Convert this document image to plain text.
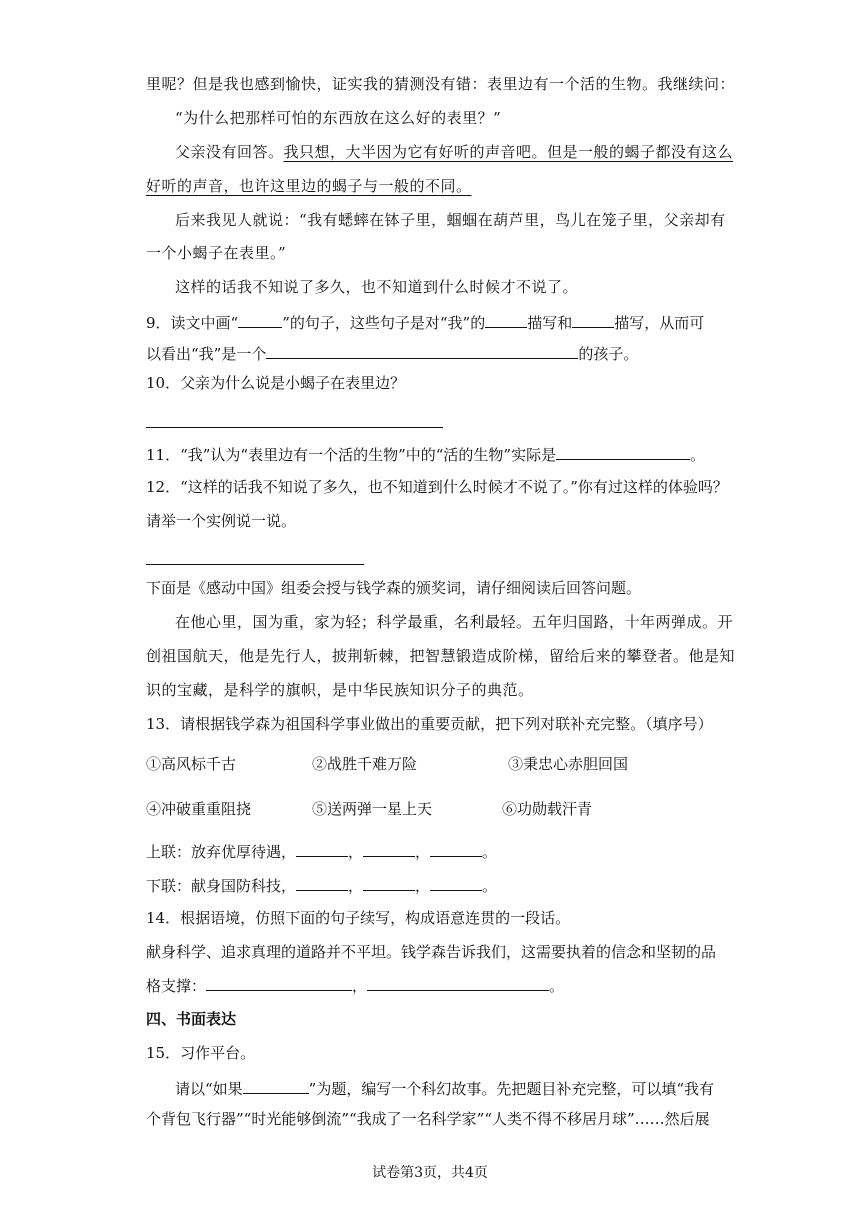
里呢？但是我也感到愉快，证实我的猜测没有错：表里边有一个活的生物。我继续问：
“为什么把那样可怕的东西放在这么好的表里？”
父亲没有回答。我只想，大半因为它有好听的声音吧。但是一般的蝎子都没有这么
好听的声音，也许这里边的蝎子与一般的不同。
后来我见人就说：“我有蟋蟀在钵子里，蝈蝈在葫芦里，鸟儿在笼子里，父亲却有
一个小蝎子在表里。”
这样的话我不知说了多久，也不知道到什么时候才不说了。
9．读文中画“	”的句子，这些句子是对“我”的	描写和	描写，从而可
以看出“我”是一个	的孩子。
10．父亲为什么说是小蝎子在表里边？
11．“我”认为“表里边有一个活的生物”中的“活的生物”实际是	。
12．“这样的话我不知说了多久，也不知道到什么时候才不说了。”你有过这样的体验吗？
请举一个实例说一说。
下面是《感动中国》组委会授与钱学森的颁奖词，请仔细阅读后回答问题。
在他心里，国为重，家为轻；科学最重，名利最轻。五年归国路，十年两弹成。开
创祖国航天，他是先行人，披荆斩棘，把智慧锻造成阶梯，留给后来的攀登者。他是知
识的宝藏，是科学的旗帜，是中华民族知识分子的典范。
13．请根据钱学森为祖国科学事业做出的重要贡献，把下列对联补充完整。（填序号）
①高风标千古	②战胜千难万险	③秉忠心赤胆回国
④冲破重重阻挠	⑤送两弹一星上天	⑥功勋载汗青
上联：放弃优厚待遇，	，	，	。
下联：献身国防科技，	，	，	。
14．根据语境，仿照下面的句子续写，构成语意连贯的一段话。
献身科学、追求真理的道路并不平坦。钱学森告诉我们，这需要执着的信念和坚韧的品
格支撑：	，	。
四、书面表达
15．习作平台。
请以“如果	”为题，编写一个科幻故事。先把题目补充完整，可以填“我有
个背包飞行器”“时光能够倒流”“我成了一名科学家”“人类不得不移居月球”……然后展
试卷第3页，共4页
